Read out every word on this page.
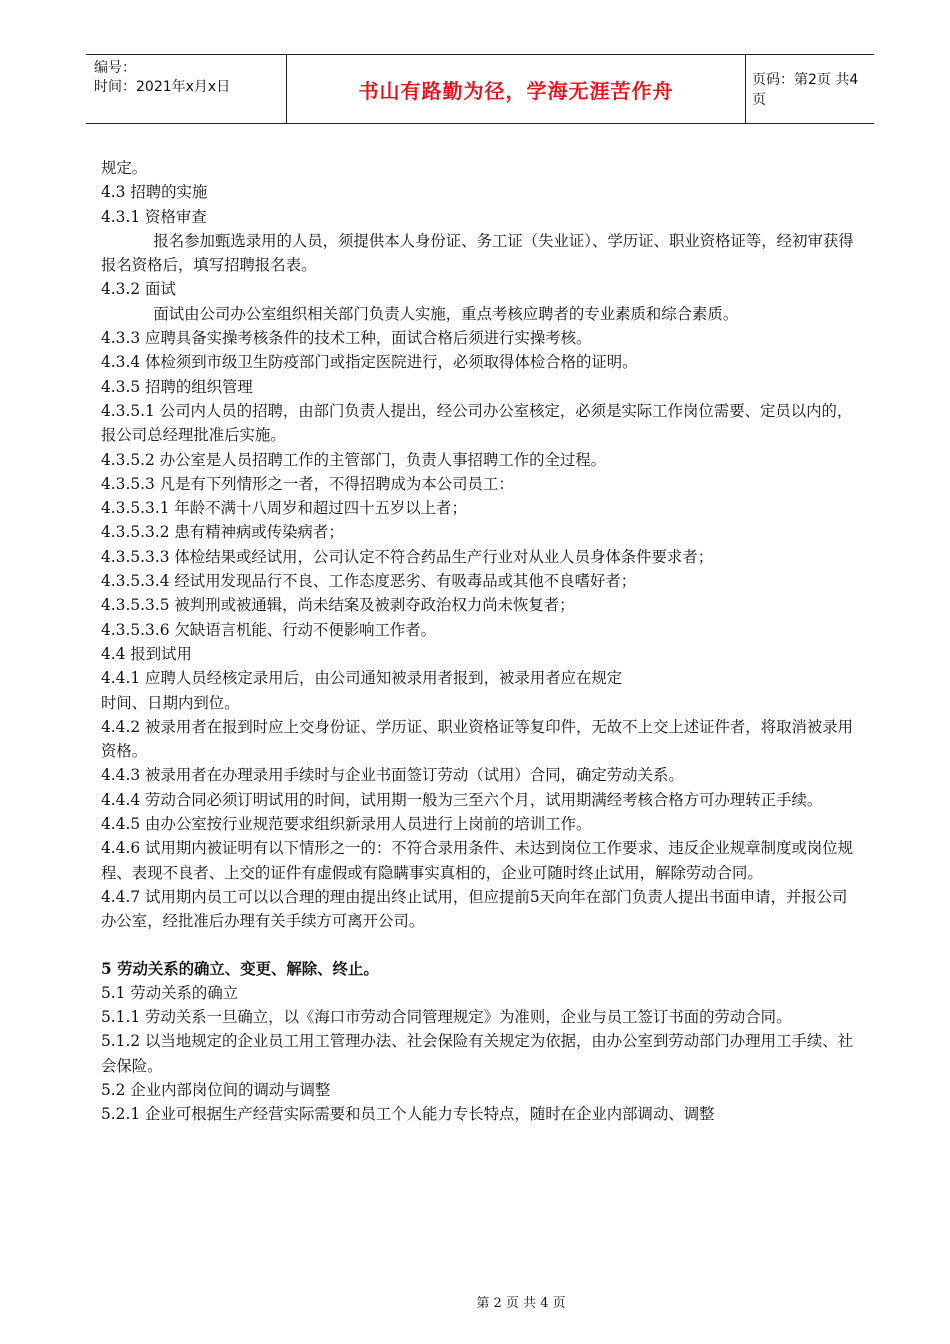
编号：
时间：2021年x月x日	书山有路勤为径，学海无涯苦作舟	页码：第2页 共4页

规定。

4.3 招聘的实施

4.3.1 资格审查

报名参加甄选录用的人员，须提供本人身份证、务工证（失业证）、学历证、职业资格证等，经初审获得报名资格后，填写招聘报名表。

4.3.2 面试

面试由公司办公室组织相关部门负责人实施，重点考核应聘者的专业素质和综合素质。

4.3.3 应聘具备实操考核条件的技术工种，面试合格后须进行实操考核。

4.3.4 体检须到市级卫生防疫部门或指定医院进行，必须取得体检合格的证明。

4.3.5 招聘的组织管理

4.3.5.1 公司内人员的招聘，由部门负责人提出，经公司办公室核定，必须是实际工作岗位需要、定员以内的，报公司总经理批准后实施。

4.3.5.2 办公室是人员招聘工作的主管部门，负责人事招聘工作的全过程。

4.3.5.3 凡是有下列情形之一者，不得招聘成为本公司员工：

4.3.5.3.1 年龄不满十八周岁和超过四十五岁以上者；

4.3.5.3.2 患有精神病或传染病者；

4.3.5.3.3 体检结果或经试用，公司认定不符合药品生产行业对从业人员身体条件要求者；

4.3.5.3.4 经试用发现品行不良、工作态度恶劣、有吸毒品或其他不良嗜好者；

4.3.5.3.5 被判刑或被通辑，尚未结案及被剥夺政治权力尚未恢复者；

4.3.5.3.6 欠缺语言机能、行动不便影响工作者。

4.4 报到试用

4.4.1 应聘人员经核定录用后，由公司通知被录用者报到，被录用者应在规定

时间、日期内到位。

4.4.2 被录用者在报到时应上交身份证、学历证、职业资格证等复印件，无故不上交上述证件者，将取消被录用资格。

4.4.3 被录用者在办理录用手续时与企业书面签订劳动（试用）合同，确定劳动关系。

4.4.4 劳动合同必须订明试用的时间，试用期一般为三至六个月，试用期满经考核合格方可办理转正手续。

4.4.5 由办公室按行业规范要求组织新录用人员进行上岗前的培训工作。

4.4.6 试用期内被证明有以下情形之一的：不符合录用条件、未达到岗位工作要求、违反企业规章制度或岗位规程、表现不良者、上交的证件有虚假或有隐瞒事实真相的，企业可随时终止试用，解除劳动合同。

4.4.7 试用期内员工可以以合理的理由提出终止试用，但应提前5天向年在部门负责人提出书面申请，并报公司办公室，经批准后办理有关手续方可离开公司。

5 劳动关系的确立、变更、解除、终止。

5.1 劳动关系的确立

5.1.1 劳动关系一旦确立，以《海口市劳动合同管理规定》为准则，企业与员工签订书面的劳动合同。

5.1.2 以当地规定的企业员工用工管理办法、社会保险有关规定为依据，由办公室到劳动部门办理用工手续、社会保险。

5.2 企业内部岗位间的调动与调整

5.2.1 企业可根据生产经营实际需要和员工个人能力专长特点，随时在企业内部调动、调整

第 2 页 共 4 页
